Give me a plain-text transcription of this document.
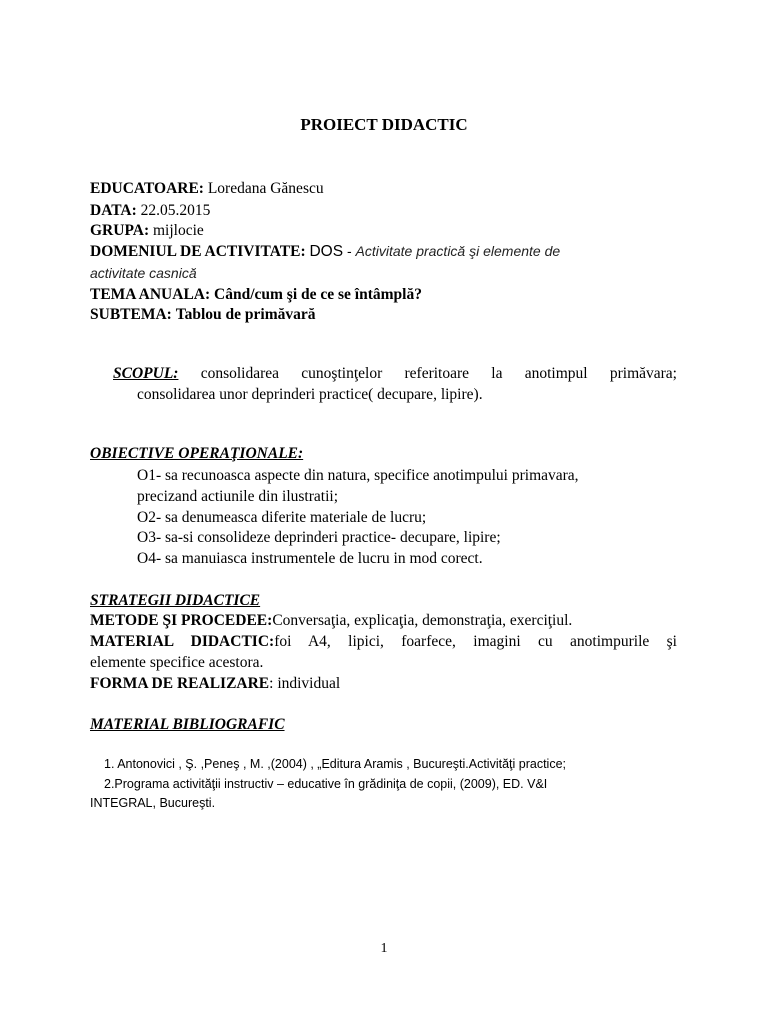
PROIECT DIDACTIC
EDUCATOARE: Loredana Gănescu
DATA: 22.05.2015
GRUPA: mijlocie
DOMENIUL DE ACTIVITATE: DOS - Activitate practică şi elemente de
activitate casnică
TEMA ANUALA: Când/cum şi de ce se întâmplă?
SUBTEMA: Tablou de primăvară
SCOPUL: consolidarea cunoştinţelor referitoare la anotimpul primăvara;
consolidarea unor deprinderi practice( decupare, lipire).
OBIECTIVE OPERAŢIONALE:
O1- sa recunoasca aspecte din natura, specifice anotimpului primavara,
precizand actiunile din ilustratii;
O2- sa denumeasca diferite materiale de lucru;
O3- sa-si consolideze deprinderi practice- decupare, lipire;
O4- sa manuiasca instrumentele de lucru in mod corect.
STRATEGII DIDACTICE
METODE ŞI PROCEDEE:Conversaţia, explicaţia, demonstraţia, exerciţiul.
MATERIAL DIDACTIC:foi A4, lipici, foarfece, imagini cu anotimpurile şi
elemente specifice acestora.
FORMA DE REALIZARE: individual
MATERIAL BIBLIOGRAFIC
1. Antonovici , Ş. ,Peneş , M. ,(2004) , „Editura Aramis , Bucureşti.Activităţi practice;
2.Programa activităţii instructiv – educative în grădiniţa de copii, (2009), ED. V&I
INTEGRAL, Bucureşti.
1
